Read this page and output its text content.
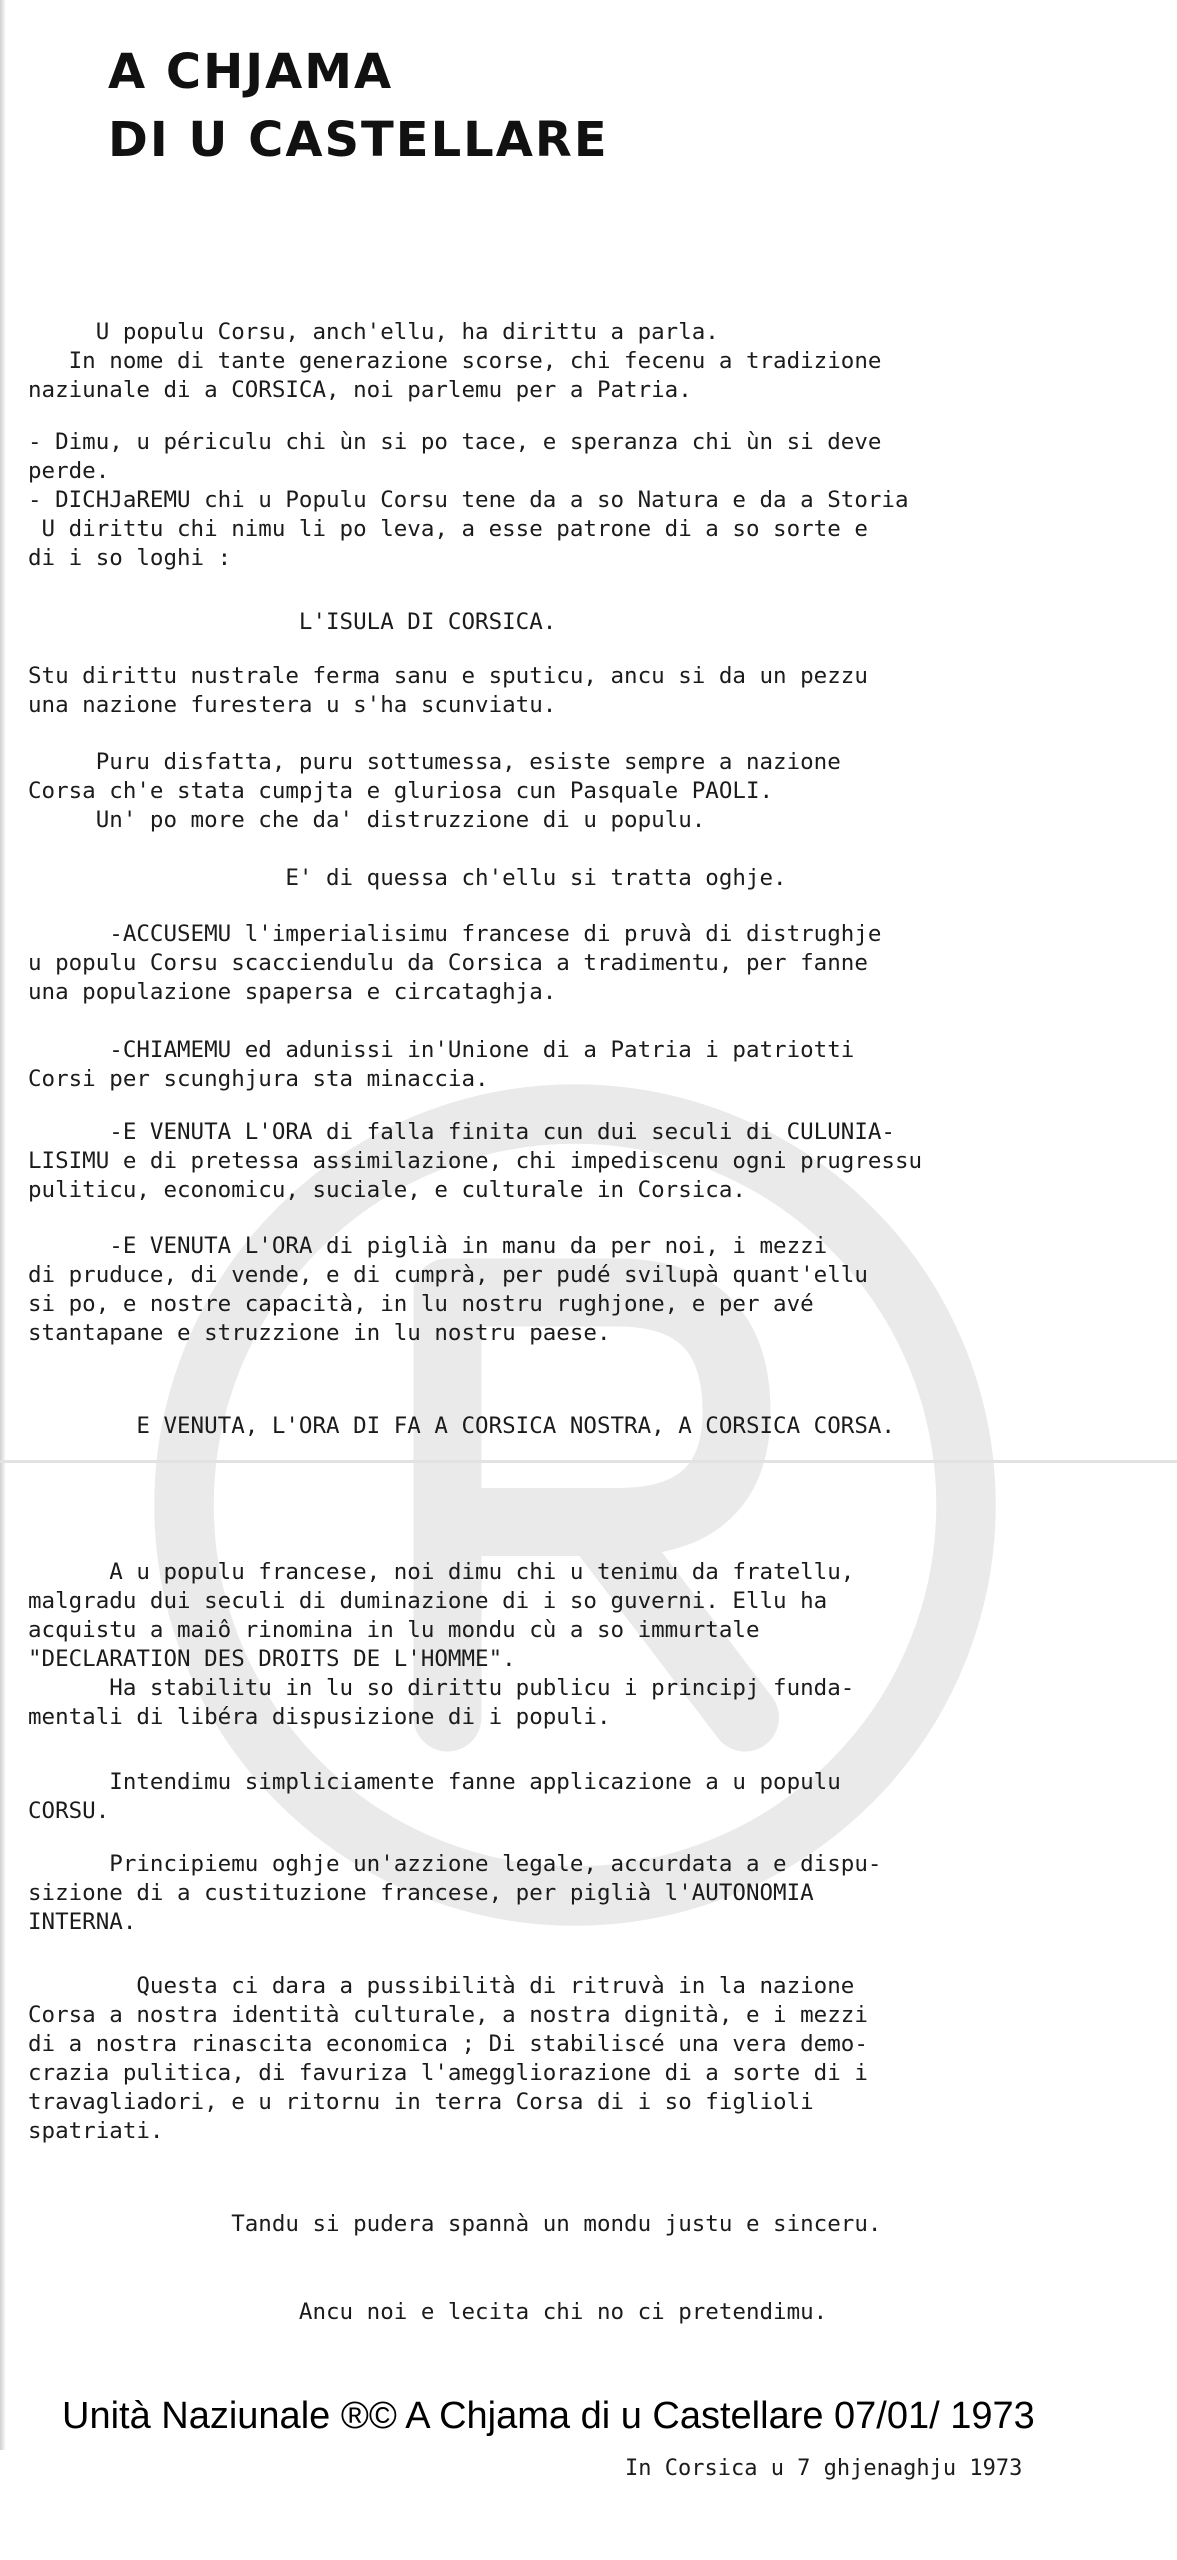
A CHJAMA
DI U CASTELLARE

U populu Corsu, anch'ellu, ha dirittu a parla.
In nome di tante generazione scorse, chi fecenu a tradizione
naziunale di a CORSICA, noi parlemu per a Patria.

- Dimu, u périculu chi ùn si po tace, e speranza chi ùn si deve
perde.
- DICHJaREMU chi u Populu Corsu tene da a so Natura e da a Storia
U dirittu chi nimu li po leva, a esse patrone di a so sorte e
di i so loghi :

L'ISULA DI CORSICA.

Stu dirittu nustrale ferma sanu e sputicu, ancu si da un pezzu
una nazione furestera u s'ha scunviatu.

Puru disfatta, puru sottumessa, esiste sempre a nazione
Corsa ch'e stata cumpjta e gluriosa cun Pasquale PAOLI.
Un' po more che da' distruzzione di u populu.

E' di quessa ch'ellu si tratta oghje.

-ACCUSEMU l'imperialisimu francese di pruvà di distrughje
u populu Corsu scacciendulu da Corsica a tradimentu, per fanne
una populazione spapersa e circataghja.

-CHIAMEMU ed adunissi in'Unione di a Patria i patriotti
Corsi per scunghjura sta minaccia.

-E VENUTA L'ORA di falla finita cun dui seculi di CULUNIA-
LISIMU e di pretessa assimilazione, chi impediscenu ogni prugressu
puliticu, economicu, suciale, e culturale in Corsica.

-E VENUTA L'ORA di piglià in manu da per noi, i mezzi
di pruduce, di vende, e di cumprà, per pudé svilupà quant'ellu
si po, e nostre capacità, in lu nostru rughjone, e per avé
stantapane e struzzione in lu nostru paese.

E VENUTA, L'ORA DI FA A CORSICA NOSTRA, A CORSICA CORSA.

A u populu francese, noi dimu chi u tenimu da fratellu,
malgradu dui seculi di duminazione di i so guverni. Ellu ha
acquistu a maiô rinomina in lu mondu cù a so immurtale
"DECLARATION DES DROITS DE L'HOMME".
Ha stabilitu in lu so dirittu publicu i principj funda-
mentali di libéra dispusizione di i populi.

Intendimu simpliciamente fanne applicazione a u populu
CORSU.

Principiemu oghje un'azzione legale, accurdata a e dispu-
sizione di a custituzione francese, per piglià l'AUTONOMIA
INTERNA.

Questa ci dara a pussibilità di ritruvà in la nazione
Corsa a nostra identità culturale, a nostra dignità, e i mezzi
di a nostra rinascita economica ; Di stabiliscé una vera demo-
crazia pulitica, di favuriza l'ameggliorazione di a sorte di i
travagliadori, e u ritornu in terra Corsa di i so figlioli
spatriati.

Tandu si pudera spannà un mondu justu e sinceru.

Ancu noi e lecita chi no ci pretendimu.

Unità Naziunale ®© A Chjama di u Castellare 07/01/ 1973
In Corsica u 7 ghjenaghju 1973
